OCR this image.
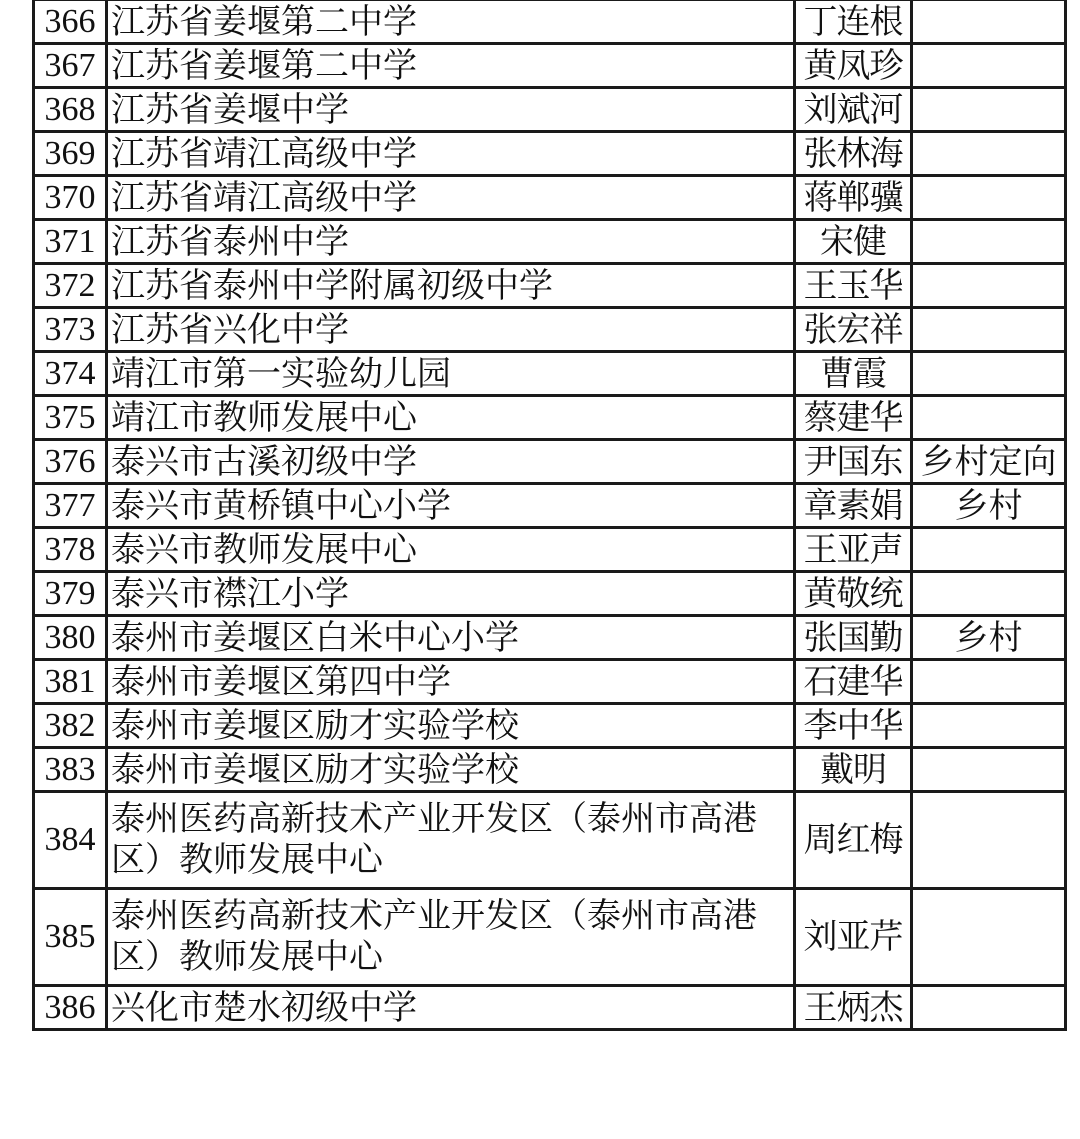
366	江苏省姜堰第二中学	丁连根	
367	江苏省姜堰第二中学	黄凤珍	
368	江苏省姜堰中学	刘斌河	
369	江苏省靖江高级中学	张林海	
370	江苏省靖江高级中学	蒋郸骥	
371	江苏省泰州中学	宋健	
372	江苏省泰州中学附属初级中学	王玉华	
373	江苏省兴化中学	张宏祥	
374	靖江市第一实验幼儿园	曹霞	
375	靖江市教师发展中心	蔡建华	
376	泰兴市古溪初级中学	尹国东	乡村定向
377	泰兴市黄桥镇中心小学	章素娟	乡村
378	泰兴市教师发展中心	王亚声	
379	泰兴市襟江小学	黄敬统	
380	泰州市姜堰区白米中心小学	张国勤	乡村
381	泰州市姜堰区第四中学	石建华	
382	泰州市姜堰区励才实验学校	李中华	
383	泰州市姜堰区励才实验学校	戴明	
384	泰州医药高新技术产业开发区（泰州市高港区）教师发展中心	周红梅	
385	泰州医药高新技术产业开发区（泰州市高港区）教师发展中心	刘亚芹	
386	兴化市楚水初级中学	王炳杰	
